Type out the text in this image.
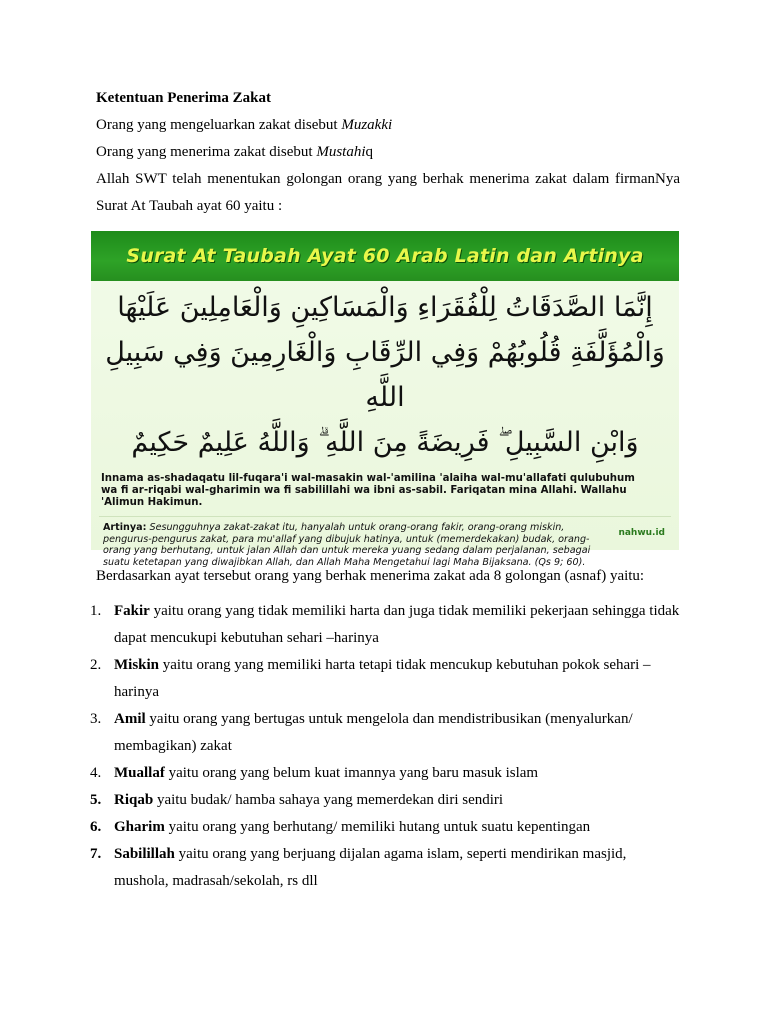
Ketentuan Penerima Zakat
Orang yang mengeluarkan zakat disebut Muzakki
Orang yang menerima zakat disebut Mustahiq
Allah SWT telah menentukan golongan orang yang berhak menerima zakat dalam firmanNya
Surat At Taubah ayat 60 yaitu :
Surat At Taubah Ayat 60 Arab Latin dan Artinya
إِنَّمَا الصَّدَقَاتُ لِلْفُقَرَاءِ وَالْمَسَاكِينِ وَالْعَامِلِينَ عَلَيْهَا
وَالْمُؤَلَّفَةِ قُلُوبُهُمْ وَفِي الرِّقَابِ وَالْغَارِمِينَ وَفِي سَبِيلِ اللَّهِ
وَابْنِ السَّبِيلِ ۖ فَرِيضَةً مِنَ اللَّهِ ۗ وَاللَّهُ عَلِيمٌ حَكِيمٌ
Innama as-shadaqatu lil-fuqara'i wal-masakin wal-'amilina 'alaiha wal-mu'allafati qulubuhum
wa fi ar-riqabi wal-gharimin wa fi sabilillahi wa ibni as-sabil. Fariqatan mina Allahi. Wallahu
'Alimun Hakimun.
Artinya: Sesungguhnya zakat-zakat itu, hanyalah untuk orang-orang fakir, orang-orang miskin,
pengurus-pengurus zakat, para mu'allaf yang dibujuk hatinya, untuk (memerdekakan) budak, orang-
orang yang berhutang, untuk jalan Allah dan untuk mereka yuang sedang dalam perjalanan, sebagai
suatu ketetapan yang diwajibkan Allah, dan Allah Maha Mengetahui lagi Maha Bijaksana. (Qs 9; 60).
nahwu.id
Berdasarkan ayat tersebut orang yang berhak menerima zakat ada 8 golongan (asnaf) yaitu:
1. Fakir yaitu orang yang tidak memiliki harta dan juga tidak memiliki pekerjaan sehingga tidak
dapat mencukupi kebutuhan sehari –harinya
2. Miskin yaitu orang yang memiliki harta tetapi tidak mencukup kebutuhan pokok sehari –
harinya
3. Amil yaitu orang yang bertugas untuk mengelola dan mendistribusikan (menyalurkan/
membagikan) zakat
4. Muallaf yaitu orang yang belum kuat imannya yang baru masuk islam
5. Riqab yaitu budak/ hamba sahaya yang memerdekan diri sendiri
6. Gharim yaitu orang yang berhutang/ memiliki hutang untuk suatu kepentingan
7. Sabilillah yaitu orang yang berjuang dijalan agama islam, seperti mendirikan masjid,
mushola, madrasah/sekolah, rs dll
